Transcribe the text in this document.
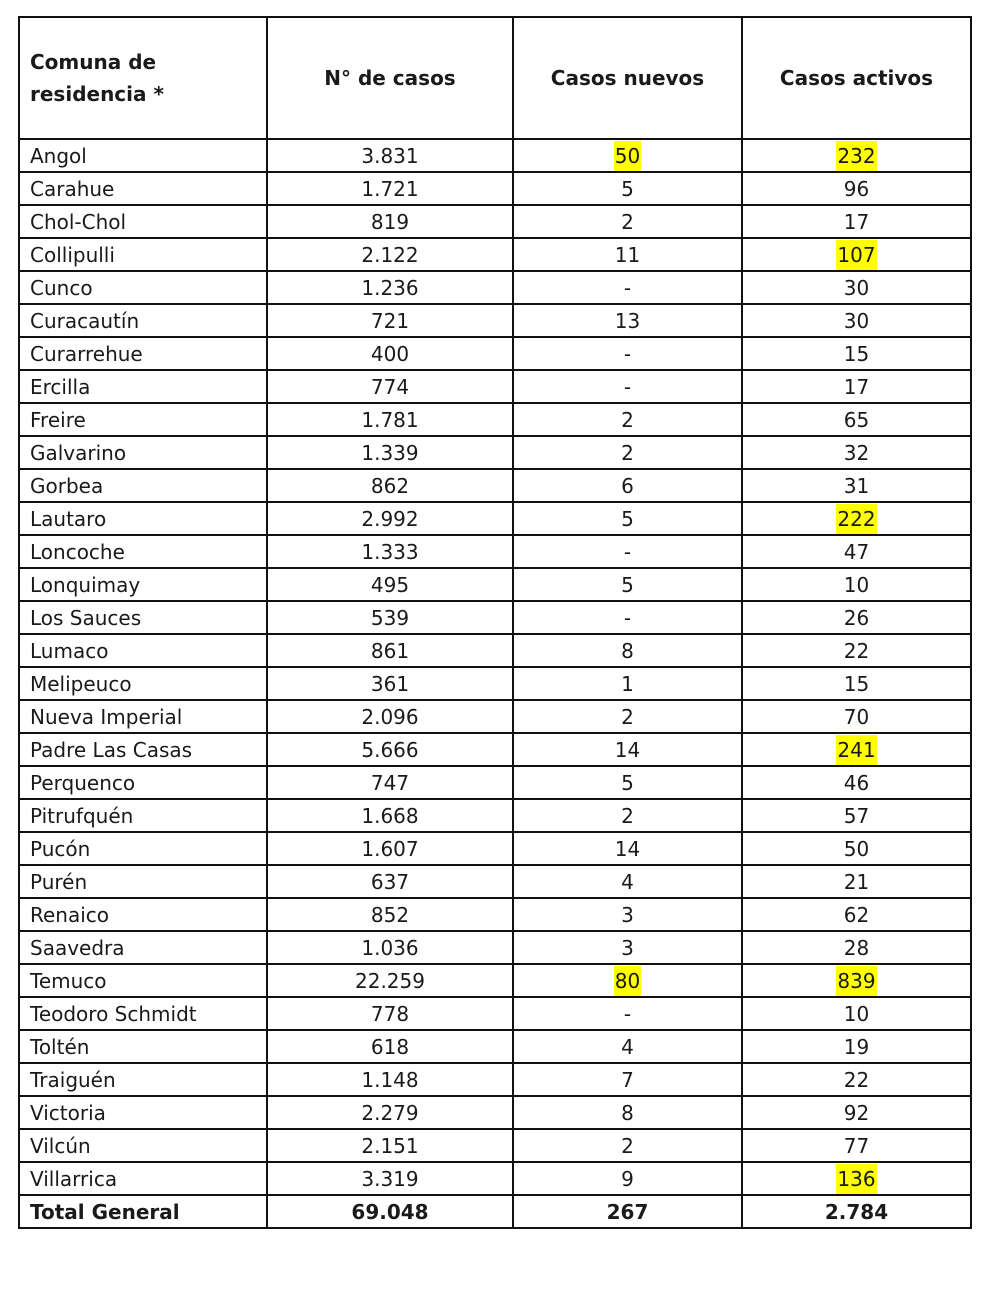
Comuna de residencia *	N° de casos	Casos nuevos	Casos activos
Angol	3.831	50	232
Carahue	1.721	5	96
Chol-Chol	819	2	17
Collipulli	2.122	11	107
Cunco	1.236	-	30
Curacautín	721	13	30
Curarrehue	400	-	15
Ercilla	774	-	17
Freire	1.781	2	65
Galvarino	1.339	2	32
Gorbea	862	6	31
Lautaro	2.992	5	222
Loncoche	1.333	-	47
Lonquimay	495	5	10
Los Sauces	539	-	26
Lumaco	861	8	22
Melipeuco	361	1	15
Nueva Imperial	2.096	2	70
Padre Las Casas	5.666	14	241
Perquenco	747	5	46
Pitrufquén	1.668	2	57
Pucón	1.607	14	50
Purén	637	4	21
Renaico	852	3	62
Saavedra	1.036	3	28
Temuco	22.259	80	839
Teodoro Schmidt	778	-	10
Toltén	618	4	19
Traiguén	1.148	7	22
Victoria	2.279	8	92
Vilcún	2.151	2	77
Villarrica	3.319	9	136
Total General	69.048	267	2.784
